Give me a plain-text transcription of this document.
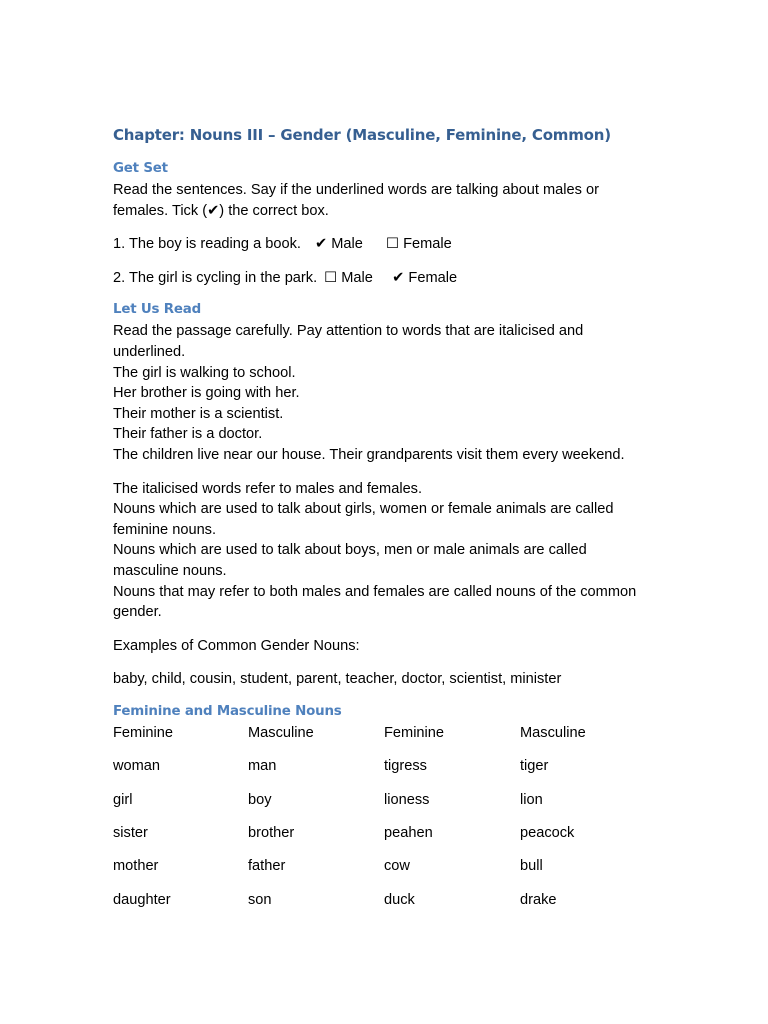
Chapter: Nouns III – Gender (Masculine, Feminine, Common)
Get Set

Read the sentences. Say if the underlined words are talking about males or

females. Tick (✔) the correct box.

1. The boy is reading a book. ✔ Male	☐ Female
2. The girl is cycling in the park. ☐ Male	✔ Female
Let Us Read

Read the passage carefully. Pay attention to words that are italicised and

underlined.

The girl is walking to school.

Her brother is going with her.

Their mother is a scientist.

Their father is a doctor.

The children live near our house. Their grandparents visit them every weekend.

The italicised words refer to males and females.

Nouns which are used to talk about girls, women or female animals are called

feminine nouns.

Nouns which are used to talk about boys, men or male animals are called

masculine nouns.

Nouns that may refer to both males and females are called nouns of the common

gender.

Examples of Common Gender Nouns:

baby, child, cousin, student, parent, teacher, doctor, scientist, minister

Feminine and Masculine Nouns
Feminine	Masculine	Feminine	Masculine
woman	man	tigress	tiger
girl	boy	lioness	lion
sister	brother	peahen	peacock
mother	father	cow	bull
daughter	son	duck	drake
